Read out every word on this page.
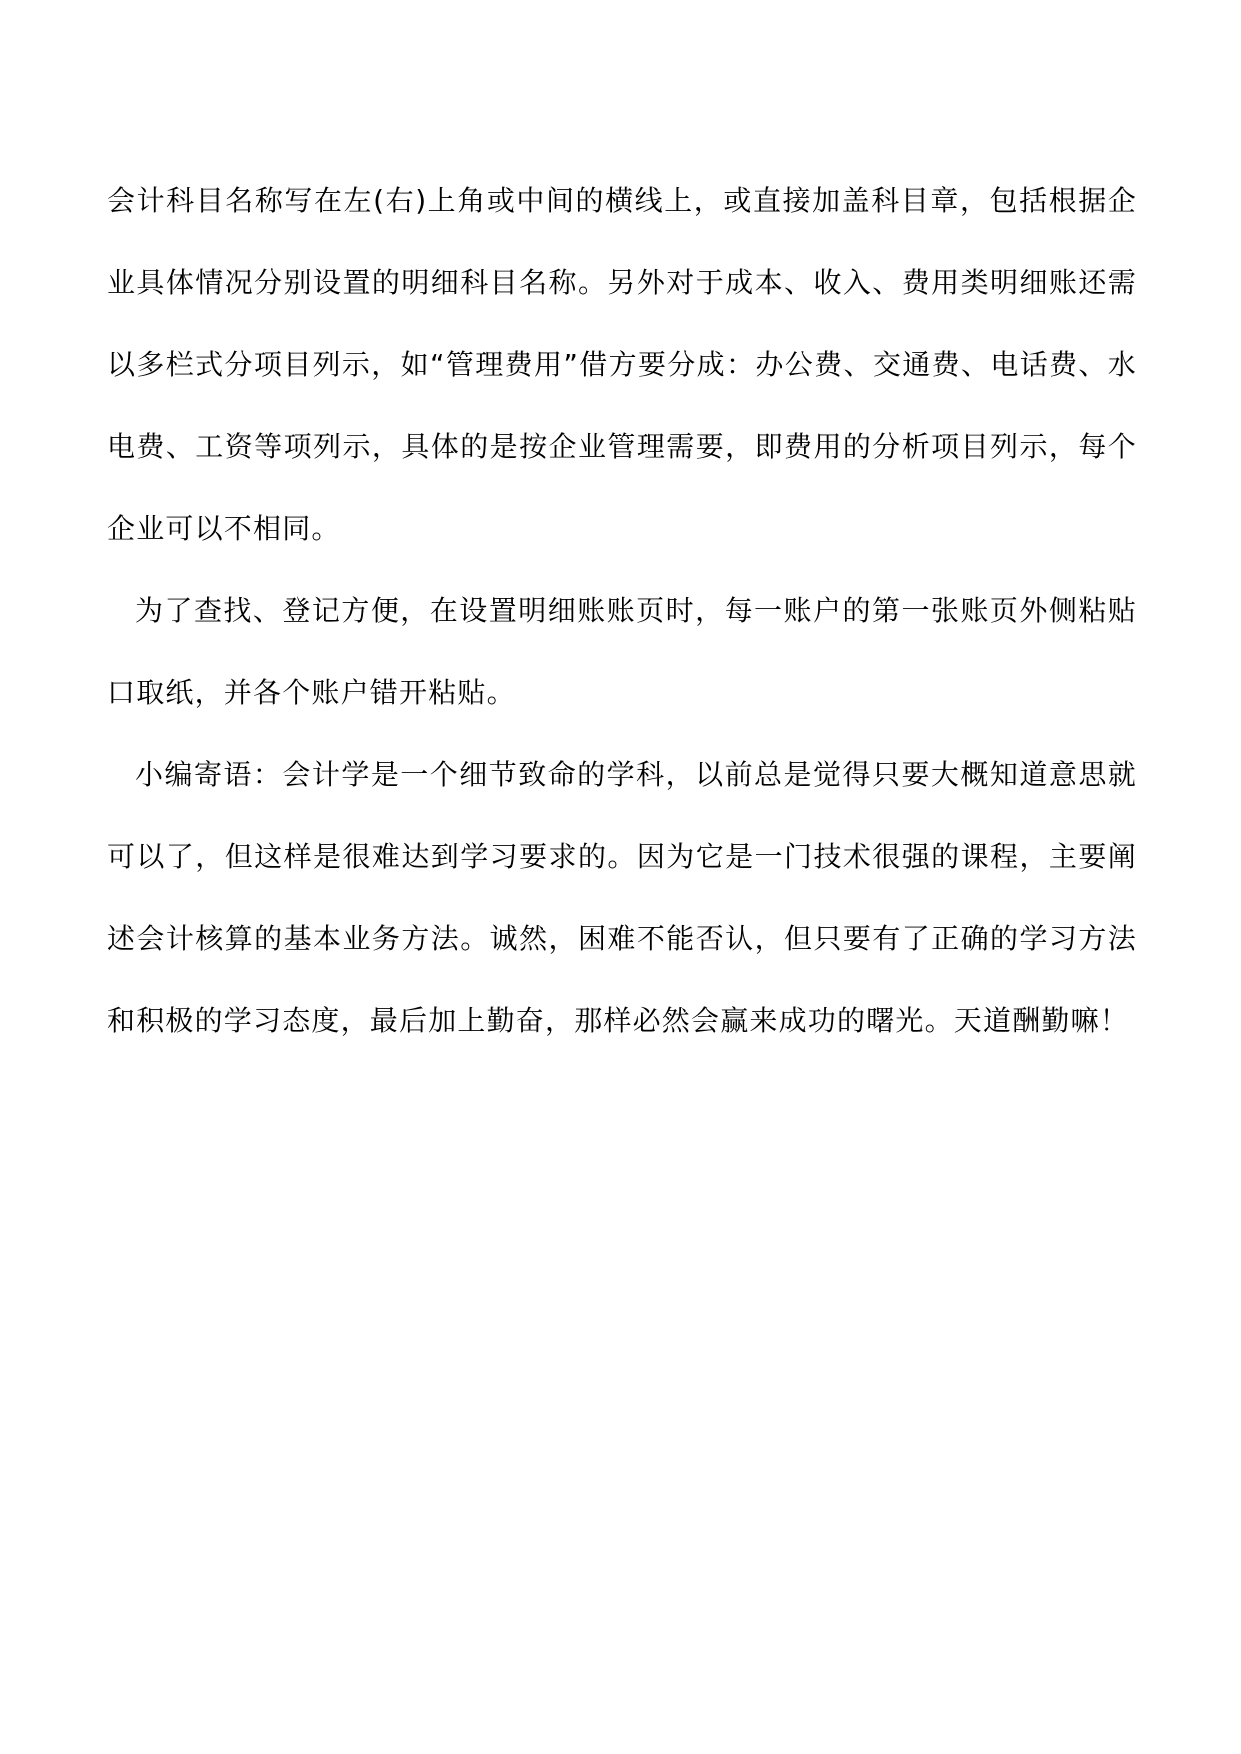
会计科目名称写在左(右)上角或中间的横线上，或直接加盖科目章，包括根据企业具体情况分别设置的明细科目名称。另外对于成本、收入、费用类明细账还需以多栏式分项目列示，如“管理费用”借方要分成：办公费、交通费、电话费、水电费、工资等项列示，具体的是按企业管理需要，即费用的分析项目列示，每个企业可以不相同。

为了查找、登记方便，在设置明细账账页时，每一账户的第一张账页外侧粘贴口取纸，并各个账户错开粘贴。

小编寄语：会计学是一个细节致命的学科，以前总是觉得只要大概知道意思就可以了，但这样是很难达到学习要求的。因为它是一门技术很强的课程，主要阐述会计核算的基本业务方法。诚然，困难不能否认，但只要有了正确的学习方法和积极的学习态度，最后加上勤奋，那样必然会赢来成功的曙光。天道酬勤嘛！
